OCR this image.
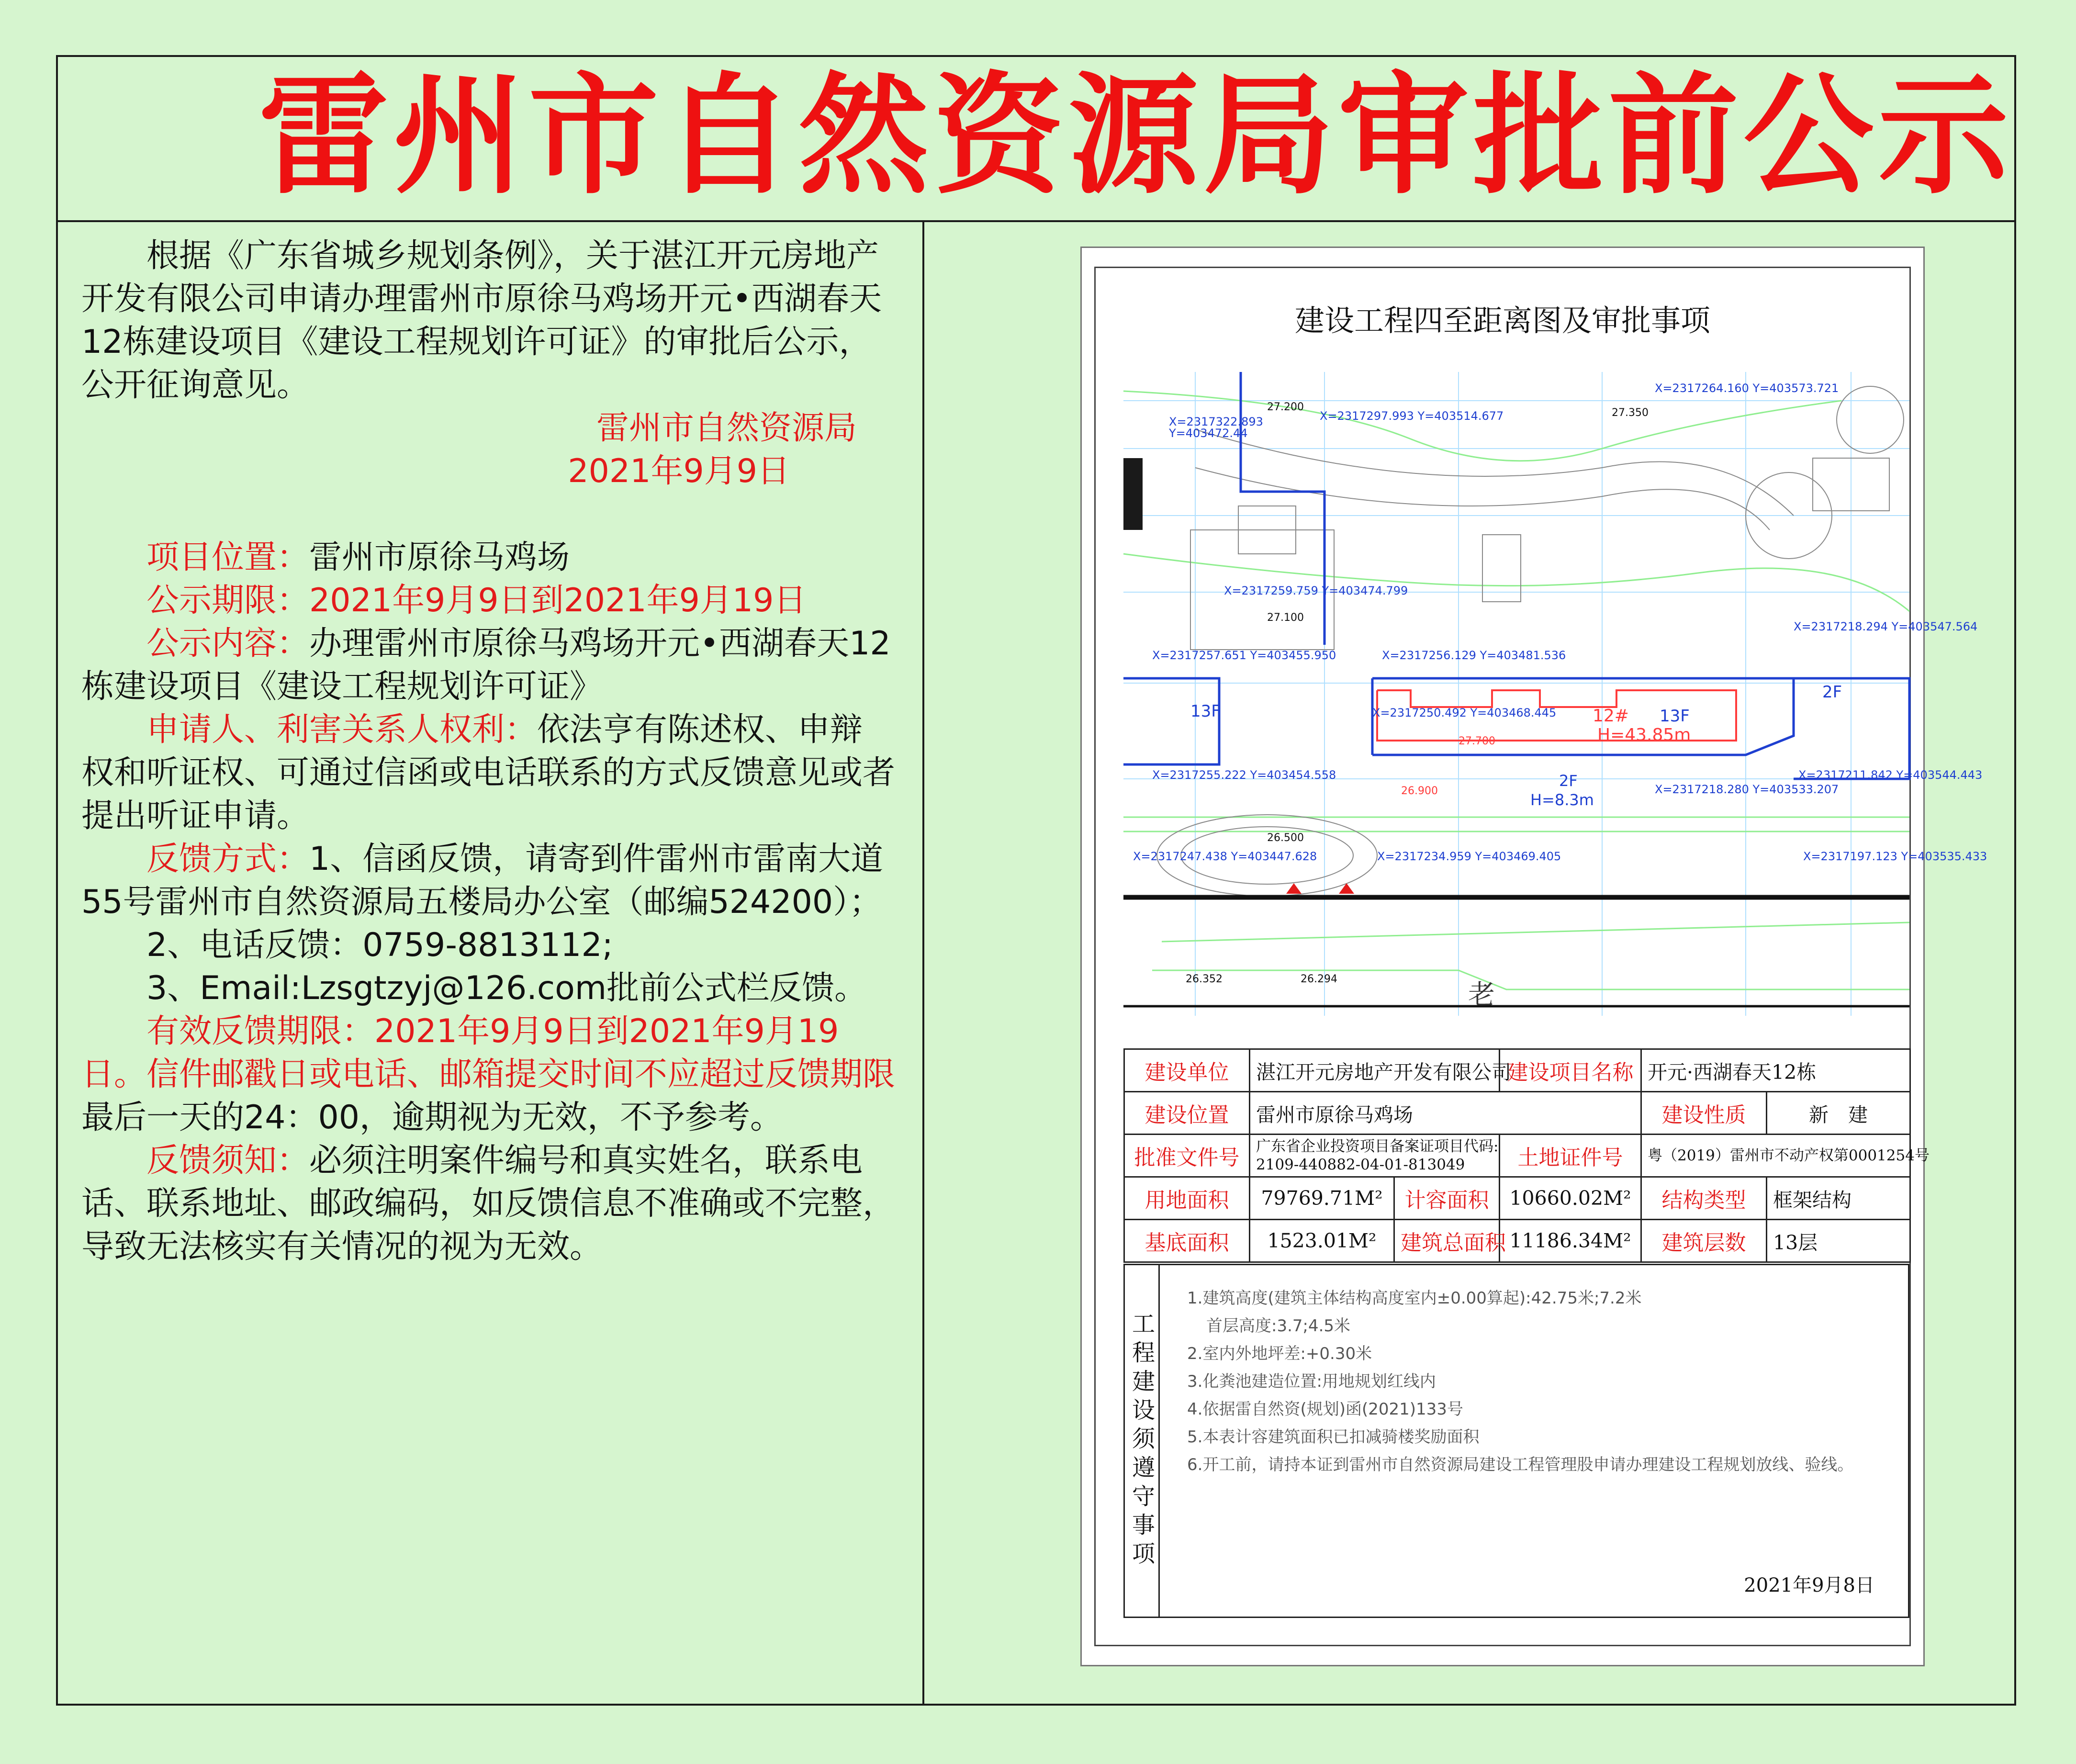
雷州市自然资源局审批前公示

根据《广东省城乡规划条例》，关于湛江开元房地产开发有限公司申请办理雷州市原徐马鸡场开元•西湖春天12栋建设项目《建设工程规划许可证》的审批后公示，公开征询意见。

雷州市自然资源局

2021年9月9日

项目位置：雷州市原徐马鸡场

公示期限：2021年9月9日到2021年9月19日

公示内容：办理雷州市原徐马鸡场开元•西湖春天12栋建设项目《建设工程规划许可证》

申请人、利害关系人权利：依法亨有陈述权、申辩权和听证权、可通过信函或电话联系的方式反馈意见或者提出听证申请。

反馈方式：1、信函反馈，请寄到件雷州市雷南大道55号雷州市自然资源局五楼局办公室（邮编524200）；

2、电话反馈：0759-8813112;

3、Email:Lzsgtzyj@126.com批前公式栏反馈。

有效反馈期限：2021年9月9日到2021年9月19日。信件邮戳日或电话、邮箱提交时间不应超过反馈期限最后一天的24：00，逾期视为无效，不予参考。

反馈须知：必须注明案件编号和真实姓名，联系电话、联系地址、邮政编码，如反馈信息不准确或不完整，导致无法核实有关情况的视为无效。

建设工程四至距离图及审批事项
X=2317322.893
Y=403472.44
X=2317297.993 Y=403514.677
X=2317264.160 Y=403573.721
X=2317259.759 Y=403474.799
X=2317257.651 Y=403455.950	X=2317256.129 Y=403481.536
X=2317250.492 Y=403468.445
X=2317218.294 Y=403547.564
X=2317255.222 Y=403454.558
X=2317218.280 Y=403533.207
X=2317211.842 Y=403544.443
X=2317247.438 Y=403447.628	X=2317234.959 Y=403469.405	X=2317197.123 Y=403535.433
13F	13F
2F
12#
H=43.85m
27.700
26.900
2F
H=8.3m
27.200	27.350
27.100
26.500
26.352	26.294
老
建设单位	湛江开元房地产开发有限公司		建设项目名称	开元·西湖春天12栋	
建设位置	雷州市原徐马鸡场			建设性质	新　建
批准文件号	广东省企业投资项目备案证项目代码:
2109-440882-04-01-813049		土地证件号	粤（2019）雷州市不动产权第0001254号	
用地面积	79769.71M²	计容面积	10660.02M²	结构类型	框架结构
基底面积	1523.01M²	建筑总面积	11186.34M²	建筑层数	13层
工程建设须遵守事项
1.建筑高度(建筑主体结构高度室内±0.00算起):42.75米;7.2米
首层高度:3.7;4.5米
2.室内外地坪差:+0.30米
3.化粪池建造位置:用地规划红线内
4.依据雷自然资(规划)函(2021)133号
5.本表计容建筑面积已扣减骑楼奖励面积
6.开工前，请持本证到雷州市自然资源局建设工程管理股申请办理建设工程规划放线、验线。
2021年9月8日
